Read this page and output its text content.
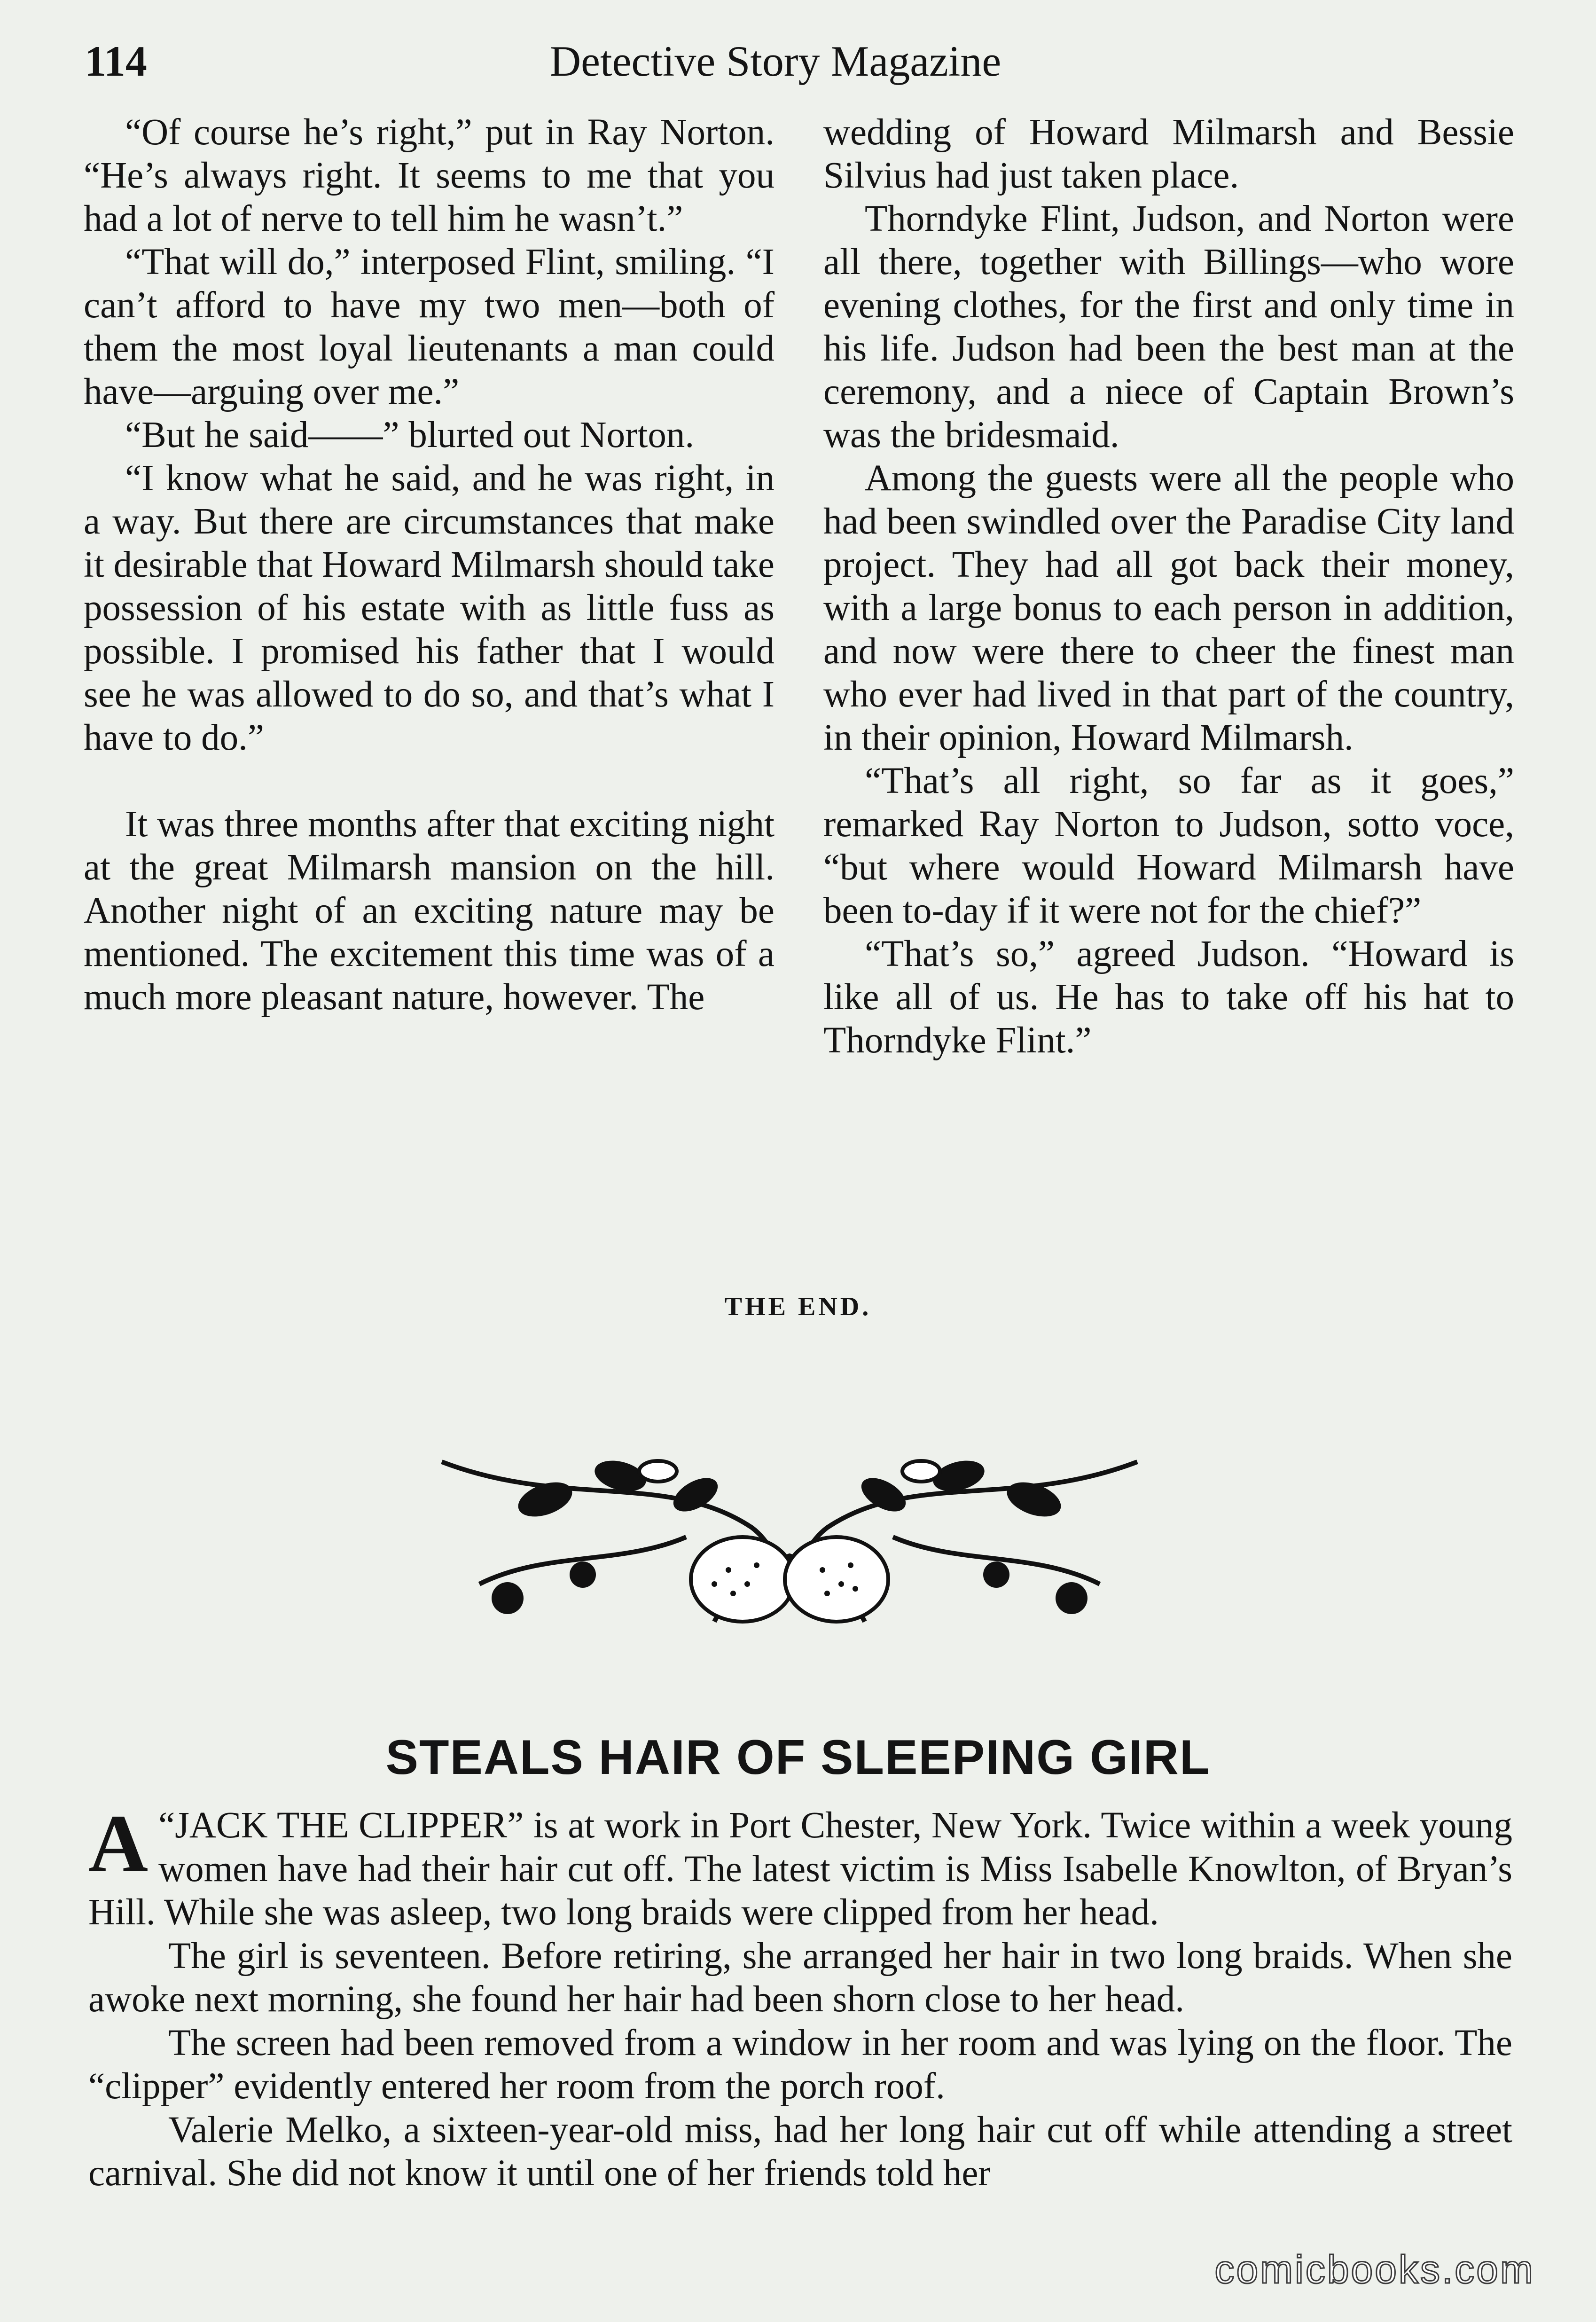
114	Detective Story Magazine

“Of course he’s right,” put in Ray Norton. “He’s always right. It seems to me that you had a lot of nerve to tell him he wasn’t.”

“That will do,” interposed Flint, smiling. “I can’t afford to have my two men—both of them the most loyal lieutenants a man could have—arguing over me.”

“But he said——” blurted out Norton.

“I know what he said, and he was right, in a way. But there are circumstances that make it desirable that Howard Milmarsh should take possession of his estate with as little fuss as possible. I promised his father that I would see he was allowed to do so, and that’s what I have to do.”

It was three months after that exciting night at the great Milmarsh mansion on the hill. Another night of an exciting nature may be mentioned. The excitement this time was of a much more pleasant nature, however. The

wedding of Howard Milmarsh and Bessie Silvius had just taken place.

Thorndyke Flint, Judson, and Norton were all there, together with Billings—who wore evening clothes, for the first and only time in his life. Judson had been the best man at the ceremony, and a niece of Captain Brown’s was the bridesmaid.

Among the guests were all the people who had been swindled over the Paradise City land project. They had all got back their money, with a large bonus to each person in addition, and now were there to cheer the finest man who ever had lived in that part of the country, in their opinion, Howard Milmarsh.

“That’s all right, so far as it goes,” remarked Ray Norton to Judson, sotto voce, “but where would Howard Milmarsh have been to-day if it were not for the chief?”

“That’s so,” agreed Judson. “Howard is like all of us. He has to take off his hat to Thorndyke Flint.”

THE END.
STEALS HAIR OF SLEEPING GIRL

A “JACK THE CLIPPER” is at work in Port Chester, New York. Twice within a week young women have had their hair cut off. The latest victim is Miss Isabelle Knowlton, of Bryan’s Hill. While she was asleep, two long braids were clipped from her head.

The girl is seventeen. Before retiring, she arranged her hair in two long braids. When she awoke next morning, she found her hair had been shorn close to her head.

The screen had been removed from a window in her room and was lying on the floor. The “clipper” evidently entered her room from the porch roof.

Valerie Melko, a sixteen-year-old miss, had her long hair cut off while attending a street carnival. She did not know it until one of her friends told her

comicbooks.com
